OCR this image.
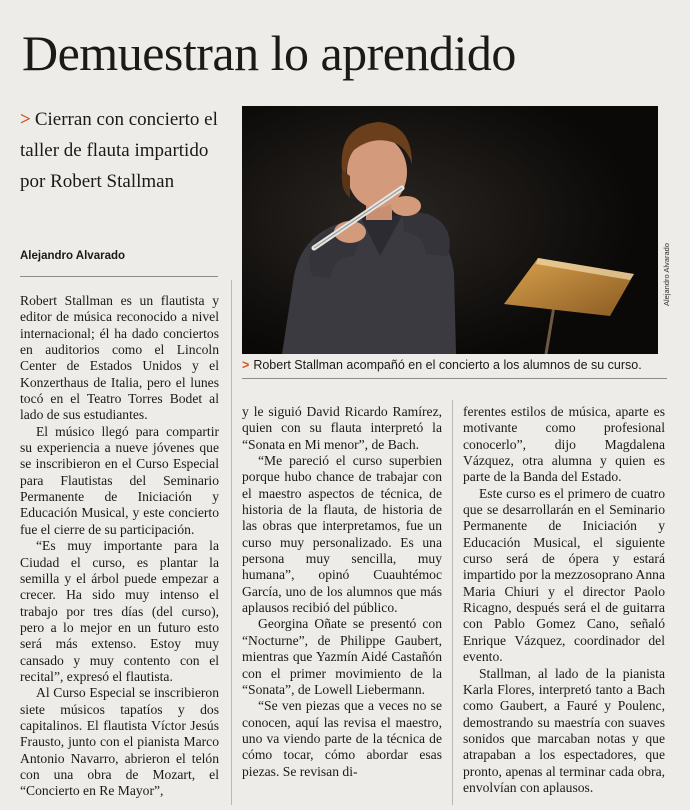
Demuestran lo aprendido
> Cierran con concierto el taller de flauta impartido por Robert Stallman
Alejandro Alvarado	Alejandro Alvarado
> Robert Stallman acompañó en el concierto a los alumnos de su curso.

Robert Stallman es un flautista y editor de música reconocido a nivel internacional; él ha dado conciertos en auditorios como el Lincoln Center de Estados Unidos y el Konzerthaus de Italia, pero el lunes tocó en el Teatro Torres Bodet al lado de sus estudiantes.

El músico llegó para compartir su experiencia a nueve jóvenes que se inscribieron en el Curso Especial para Flautistas del Seminario Permanente de Iniciación y Educación Musical, y este concierto fue el cierre de su participación.

“Es muy importante para la Ciudad el curso, es plantar la semilla y el árbol puede empezar a crecer. Ha sido muy intenso el trabajo por tres días (del curso), pero a lo mejor en un futuro esto será más extenso. Estoy muy cansado y muy contento con el recital”, expresó el flautista.

Al Curso Especial se inscribieron siete músicos tapatíos y dos capitalinos. El flautista Víctor Jesús Frausto, junto con el pianista Marco Antonio Navarro, abrieron el telón con una obra de Mozart, el “Concierto en Re Mayor”,

y le siguió David Ricardo Ramírez, quien con su flauta interpretó la “Sonata en Mi menor”, de Bach.

“Me pareció el curso superbien porque hubo chance de trabajar con el maestro aspectos de técnica, de historia de la flauta, de historia de las obras que interpretamos, fue un curso muy personalizado. Es una persona muy sencilla, muy humana”, opinó Cuauhtémoc García, uno de los alumnos que más aplausos recibió del público.

Georgina Oñate se presentó con “Nocturne”, de Philippe Gaubert, mientras que Yazmín Aidé Castañón con el primer movimiento de la “Sonata”, de Lowell Liebermann.

“Se ven piezas que a veces no se conocen, aquí las revisa el maestro, uno va viendo parte de la técnica de cómo tocar, cómo abordar esas piezas. Se revisan di-

ferentes estilos de música, aparte es motivante como profesional conocerlo”, dijo Magdalena Vázquez, otra alumna y quien es parte de la Banda del Estado.

Este curso es el primero de cuatro que se desarrollarán en el Seminario Permanente de Iniciación y Educación Musical, el siguiente curso será de ópera y estará impartido por la mezzosoprano Anna Maria Chiuri y el director Paolo Ricagno, después será el de guitarra con Pablo Gomez Cano, señaló Enrique Vázquez, coordinador del evento.

Stallman, al lado de la pianista Karla Flores, interpretó tanto a Bach como Gaubert, a Fauré y Poulenc, demostrando su maestría con suaves sonidos que marcaban notas y que atrapaban a los espectadores, que pronto, apenas al terminar cada obra, envolvían con aplausos.
